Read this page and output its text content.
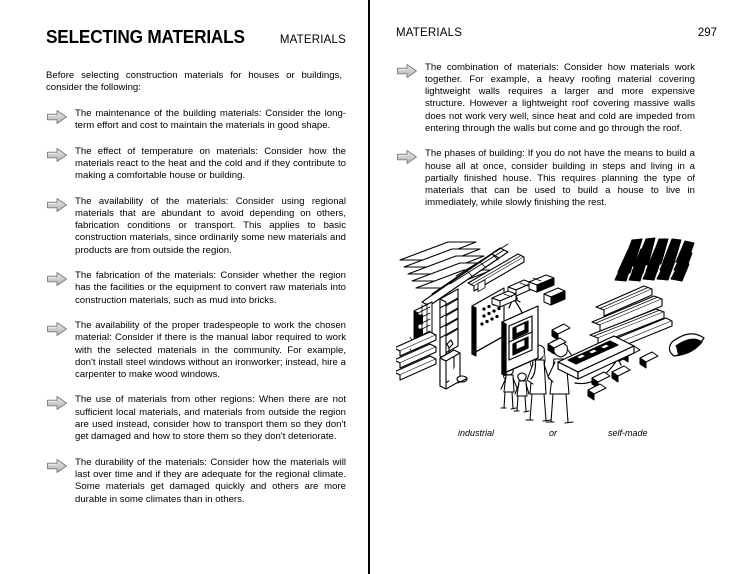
SELECTING MATERIALS	MATERIALS

Before selecting construction materials for houses or buildings, consider the following:

The maintenance of the building materials: Consider the long-term effort and cost to maintain the materials in good shape.
The effect of temperature on materials: Consider how the materials react to the heat and the cold and if they contribute to making a comfortable house or building.
The availability of the materials: Consider using regional materials that are abundant to avoid depending on others, fabrication conditions or transport. This applies to basic construction materials, since ordinarily some new materials and products are from outside the region.
The fabrication of the materials: Consider whether the region has the facilities or the equipment to convert raw materials into construction materials, such as mud into bricks.
The availability of the proper tradespeople to work the chosen material: Consider if there is the manual labor required to work with the selected materials in the community. For example, don't install steel windows without an ironworker; instead, hire a carpenter to make wood windows.
The use of materials from other regions: When there are not sufficient local materials, and materials from outside the region are used instead, consider how to transport them so they don't get damaged and how to store them so they don't deteriorate.
The durability of the materials: Consider how the materials will last over time and if they are adequate for the regional climate. Some materials get damaged quickly and others are more durable in some climates than in others.
MATERIALS	297
The combination of materials: Consider how materials work together. For example, a heavy roofing material covering lightweight walls requires a larger and more expensive structure. However a lightweight roof covering massive walls does not work very well, since heat and cold are impeded from entering through the walls but come and go through the roof.
The phases of building: If you do not have the means to build a house all at once, consider building in steps and living in a partially finished house. This requires planning the type of materials that can be used to build a house to live in immediately, while slowly finishing the rest.
industrial	or	self-made
